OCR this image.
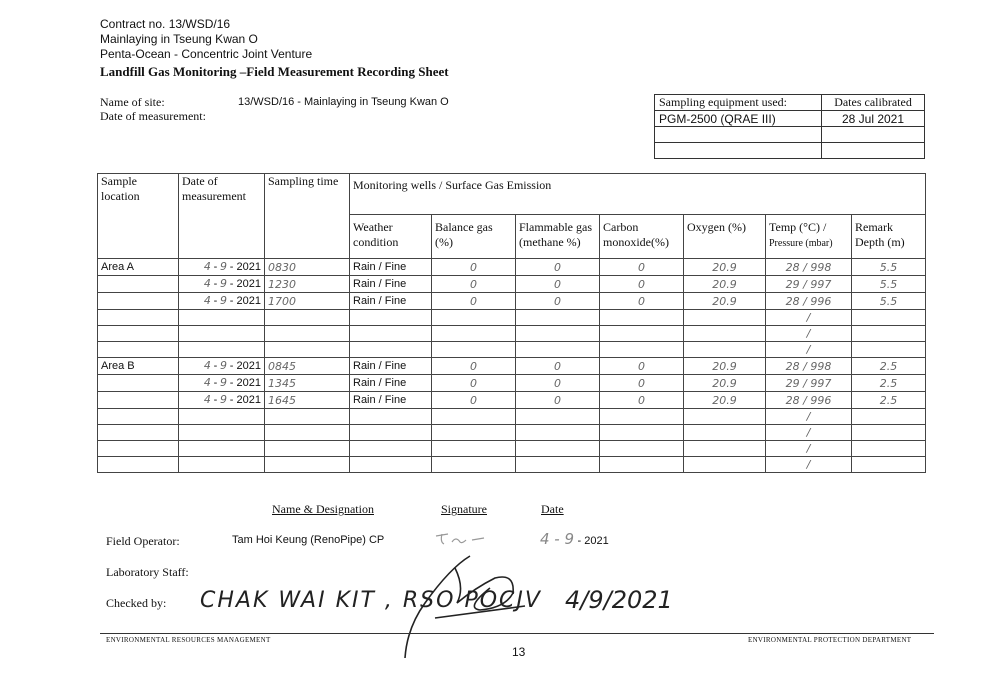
Contract no. 13/WSD/16
Mainlaying in Tseung Kwan O
Penta-Ocean - Concentric Joint Venture
Landfill Gas Monitoring –Field Measurement Recording Sheet
Name of site:	13/WSD/16 - Mainlaying in Tseung Kwan O
Date of measurement:
Sampling equipment used:	Dates calibrated
PGM-2500 (QRAE III)	28 Jul 2021

Sample location	Date of measurement	Sampling time	Monitoring wells / Surface Gas Emission						
			Weather condition	Balance gas (%)	Flammable gas (methane %)	Carbon monoxide(%)	Oxygen (%)	Temp (°C) /
Pressure (mbar)	Remark Depth (m)
Area A	4 - 9 - 2021	0830	Rain / Fine	0	0	0	20.9	28 / 998	5.5
	4 - 9 - 2021	1230	Rain / Fine	0	0	0	20.9	29 / 997	5.5
	4 - 9 - 2021	1700	Rain / Fine	0	0	0	20.9	28 / 996	5.5
								/	
								/	
								/	
Area B	4 - 9 - 2021	0845	Rain / Fine	0	0	0	20.9	28 / 998	2.5
	4 - 9 - 2021	1345	Rain / Fine	0	0	0	20.9	29 / 997	2.5
	4 - 9 - 2021	1645	Rain / Fine	0	0	0	20.9	28 / 996	2.5
								/	
								/	
								/	
								/	
Name & Designation	Signature	Date
Field Operator:	Tam Hoi Keung (RenoPipe) CP	4 - 9 - 2021
Laboratory Staff:
Checked by: CHAK WAI KIT , RSO POCJV 4/9/2021
ENVIRONMENTAL RESOURCES MANAGEMENT
13
ENVIRONMENTAL PROTECTION DEPARTMENT
